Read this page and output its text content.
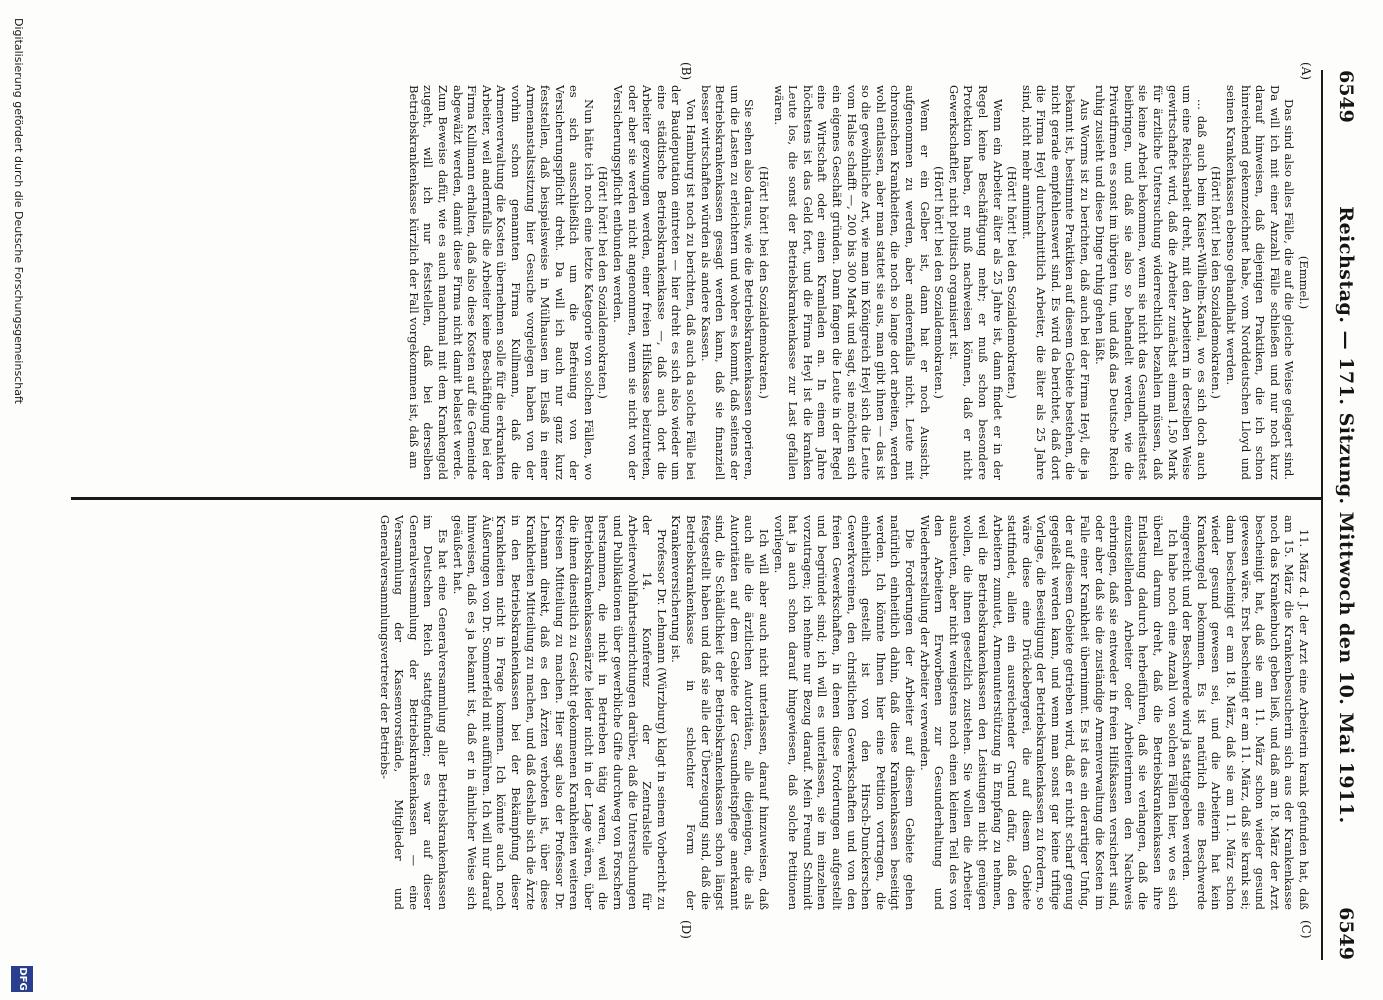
6549
Reichstag. — 171. Sitzung. Mittwoch den 10. Mai 1911.
6549
(A)
(B)
(C)
(D)

(Emmel.)

Das sind also alles Fälle, die auf die gleiche Weise gelagert sind. Da will ich mit einer Anzahl Fälle schließen und nur noch kurz darauf hinweisen, daß diejenigen Praktiken, die ich schon hinreichend gekennzeichnet habe, vom Norddeutschen Lloyd und seinen Krankenkassen ebenso gehandhabt werden.

(Hört! hört! bei den Sozialdemokraten.)

... daß auch beim Kaiser-Wilhelm-Kanal, wo es sich doch auch um eine Reichsarbeit dreht, mit den Arbeitern in derselben Weise gewirtschaftet wird, daß die Arbeiter zunächst einmal 1,50 Mark für ärztliche Untersuchung widerrechtlich bezahlen müssen, daß sie keine Arbeit bekommen, wenn sie nicht das Gesundheitsattest beibringen, und daß sie also so behandelt werden, wie die Privatfirmen es sonst im übrigen tun, und daß das Deutsche Reich ruhig zusieht und diese Dinge ruhig gehen läßt.

Aus Worms ist zu berichten, daß auch bei der Firma Heyl, die ja bekannt ist, bestimmte Praktiken auf diesem Gebiete bestehen, die nicht gerade empfehlenswert sind. Es wird da berichtet, daß dort die Firma Heyl durchschnittlich Arbeiter, die älter als 25 Jahre sind, nicht mehr annimmt.

(Hört! hört! bei den Sozialdemokraten.)

Wenn ein Arbeiter älter als 25 Jahre ist, dann findet er in der Regel keine Beschäftigung mehr; er muß schon besondere Protektion haben, er muß nachweisen können, daß er nicht Gewerkschaftler, nicht politisch organisiert ist.

(Hört! hört! bei den Sozialdemokraten.)

Wenn er ein Gelber ist, dann hat er noch Aussicht, aufgenommen zu werden, aber anderenfalls nicht. Leute mit chronischen Krankheiten, die noch so lange dort arbeiten, werden wohl entlassen, aber man stattet sie aus, man gibt ihnen — das ist so die gewöhnliche Art, wie man im Königreich Heyl sich die Leute vom Halse schafft —, 200 bis 300 Mark und sagt, sie möchten sich ein eigenes Geschäft gründen. Dann fangen die Leute in der Regel eine Wirtschaft oder einen Kramladen an. In einem Jahre höchstens ist das Geld fort, und die Firma Heyl ist die kranken Leute los, die sonst der Betriebskrankenkasse zur Last gefallen wären.

(Hört! hört! bei den Sozialdemokraten.)

Sie sehen also daraus, wie die Betriebskrankenkassen operieren, um die Lasten zu erleichtern und woher es kommt, daß seitens der Betriebskrankenkassen gesagt werden kann, daß sie finanziell besser wirtschaften würden als andere Kassen.

Von Hamburg ist noch zu berichten, daß auch da solche Fälle bei der Baudeputation eintreten — hier dreht es sich also wieder um eine städtische Betriebskrankenkasse —, daß auch dort die Arbeiter gezwungen werden, einer freien Hilfskasse beizutreten, oder aber sie werden nicht angenommen, wenn sie nicht von der Versicherungspflicht entbunden werden.

(Hört! hört! bei den Sozialdemokraten.)

Nun hätte ich noch eine letzte Kategorie von solchen Fällen, wo es sich ausschließlich um die Befreiung von der Versicherungspflicht dreht. Da will ich auch nur ganz kurz feststellen, daß beispielsweise in Mülhausen im Elsaß in einer Armenanstaltssitzung hier Gesuche vorgelegen haben von der vorhin schon genannten Firma Kullmann, daß die Armenverwaltung die Kosten übernehmen solle für die erkrankten Arbeiter, weil andernfalls die Arbeiter keine Beschäftigung bei der Firma Kullmann erhalten, daß also diese Kosten auf die Gemeinde abgewälzt werden, damit diese Firma nicht damit belastet werde. Zum Beweise dafür, wie es auch manchmal mit dem Krankengeld zugeht, will ich nur feststellen, daß bei derselben Betriebskrankenkasse kürzlich der Fall vorgekommen ist, daß am

11. März d. J. der Arzt eine Arbeiterin krank gefunden hat, daß am 15. März die Krankenbesucherin sich aus der Krankenkasse noch das Krankenbuch geben ließ, und daß am 18. März der Arzt bescheinigt hat, daß sie am 11. März schon wieder gesund gewesen wäre. Erst bescheinigt er am 11. März, daß sie krank sei; dann bescheinigt er am 18. März, daß sie am 11. März schon wieder gesund gewesen sei, und die Arbeiterin hat kein Krankengeld bekommen. Es ist natürlich eine Beschwerde eingereicht und der Beschwerde wird ja stattgegeben werden.

Ich habe noch eine Anzahl von solchen Fällen hier, wo es sich überall darum dreht, daß die Betriebskrankenkassen ihre Entlastung dadurch herbeiführen, daß sie verlangen, daß die einzustellenden Arbeiter oder Arbeiterinnen den Nachweis erbringen, daß sie entweder in freien Hilfskassen versichert sind, oder aber daß sie die zuständige Armenverwaltung die Kosten im Falle einer Krankheit übernimmt. Es ist das ein derartiger Unfug, der auf diesem Gebiete getrieben wird, daß er nicht scharf genug gegeißelt werden kann, und wenn man sonst gar keine triftige Vorlage, die Beseitigung der Betriebskrankenkassen zu fordern, so wäre diese eine Drückebergerei, die auf diesem Gebiete stattfindet, allein ein ausreichender Grund dafür, daß den Arbeitern zumutet, Armenunterstützung in Empfang zu nehmen, weil die Betriebskrankenkassen den Leistungen nicht genügen wollen, die ihnen gesetzlich zustehen. Sie wollen die Arbeiter ausbeuten, aber nicht wenigstens noch einen kleinen Teil des von den Arbeitern Erworbenen zur Gesunderhaltung und Wiederherstellung der Arbeiter verwenden.

Die Forderungen der Arbeiter auf diesem Gebiete gehen natürlich einheitlich dahin, daß diese Krankenkassen beseitigt werden. Ich könnte Ihnen hier eine Petition vortragen, die einheitlich gestellt ist von den Hirsch-Dunckerschen Gewerkvereinen, den christlichen Gewerkschaften und von den freien Gewerkschaften, in denen diese Forderungen aufgestellt und begründet sind; ich will es unterlassen, sie im einzelnen vorzutragen; ich nehme nur Bezug darauf. Mein Freund Schmidt hat ja auch schon darauf hingewiesen, daß solche Petitionen vorliegen.

Ich will aber auch nicht unterlassen, darauf hinzuweisen, daß auch alle die ärztlichen Autoritäten, alle diejenigen, die als Autoritäten auf dem Gebiete der Gesundheitspflege anerkannt sind, die Schädlichkeit der Betriebskrankenkassen schon längst festgestellt haben und daß sie alle der Überzeugung sind, daß die Betriebskrankenkasse in schlechter Form der Krankenversicherung ist.

Professor Dr. Lehmann (Würzburg) klagt in seinem Vorbericht zu der 14. Konferenz der Zentralstelle für Arbeiterwohlfahrtseinrichtungen darüber, daß die Untersuchungen und Publikationen über gewerbliche Gifte durchweg von Forschern herstammen, die nicht in Betrieben tätig waren, weil die Betriebskrankenkassenärzte leider nicht in der Lage wären, über die ihnen dienstlich zu Gesicht gekommenen Krankheiten weiteren Kreisen Mitteilung zu machen. Hier sagt also der Professor Dr. Lehmann direkt, daß es den Ärzten verboten ist, über diese Krankheiten Mitteilung zu machen, und daß deshalb sich die Ärzte in den Betriebskrankenkassen bei der Bekämpfung dieser Krankheiten nicht in Frage kommen. Ich könnte auch noch Äußerungen von Dr. Sommerfeld mit aufführen. Ich will nur darauf hinweisen, daß es ja bekannt ist, daß er in ähnlicher Weise sich geäußert hat.

Es hat eine Generalversammlung aller Betriebskrankenkassen im Deutschen Reich stattgefunden; es war auf dieser Generalversammlung der Betriebskrankenkassen — eine Versammlung der Kassenvorstände, Mitglieder und Generalversammlungsvertreter der Betriebs-

Digitalisierung gefördert durch die Deutsche Forschungsgemeinschaft
DFG
